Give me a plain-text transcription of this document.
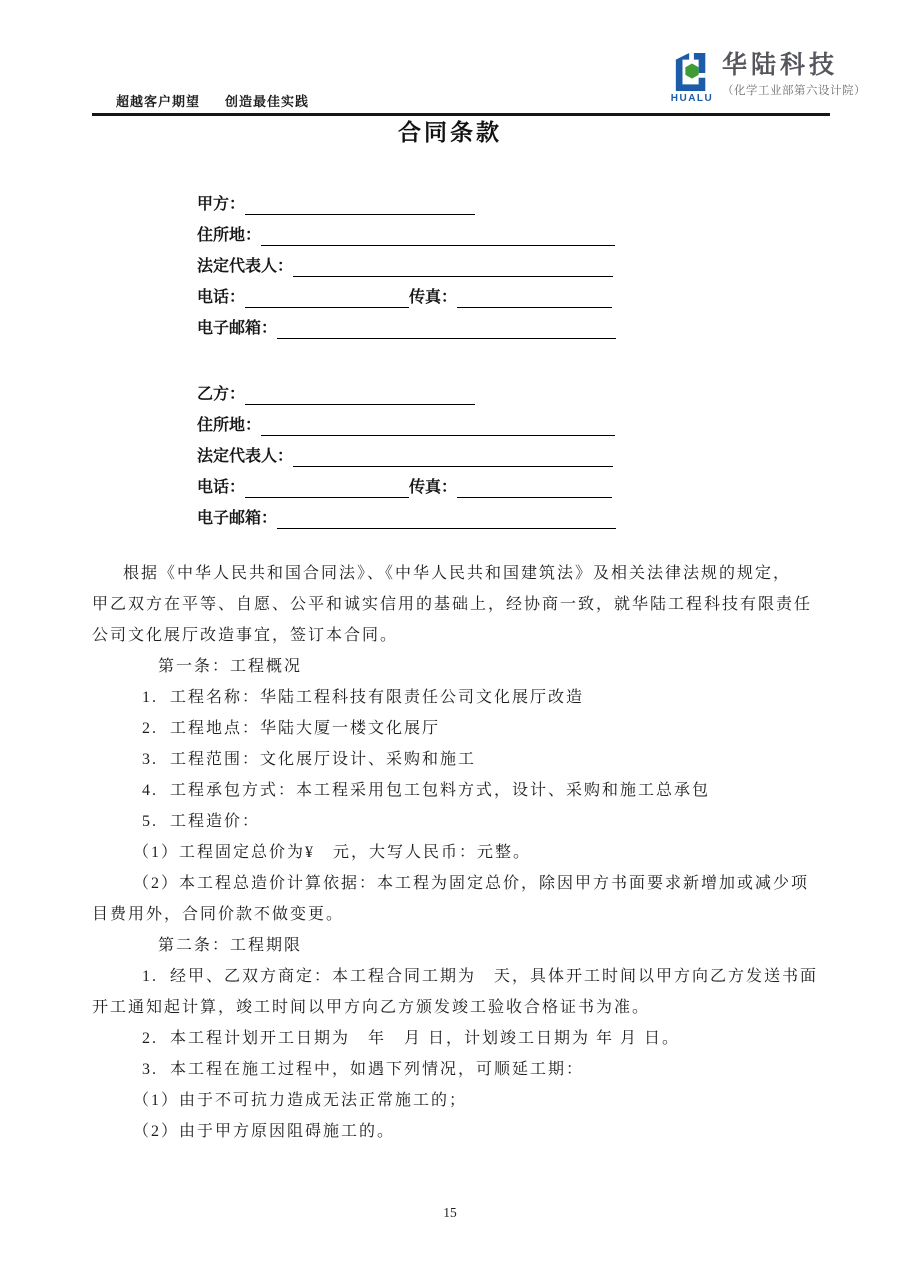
超越客户期望 创造最佳实践	HUALU
华陆科技
（化学工业部第六设计院）
合同条款
甲方：
住所地：
法定代表人：
电话：	传真：
电子邮箱：
乙方：
住所地：
法定代表人：
电话：	传真：
电子邮箱：
根据《中华人民共和国合同法》、《中华人民共和国建筑法》及相关法律法规的规定，
甲乙双方在平等、自愿、公平和诚实信用的基础上，经协商一致，就华陆工程科技有限责任
公司文化展厅改造事宜，签订本合同。
第一条：工程概况
1.  工程名称：华陆工程科技有限责任公司文化展厅改造
2.  工程地点：华陆大厦一楼文化展厅
3.  工程范围：文化展厅设计、采购和施工
4.  工程承包方式：本工程采用包工包料方式，设计、采购和施工总承包
5.  工程造价：
（1）工程固定总价为¥　元，大写人民币：元整。
（2）本工程总造价计算依据：本工程为固定总价，除因甲方书面要求新增加或减少项
目费用外，合同价款不做变更。
第二条：工程期限
1.  经甲、乙双方商定：本工程合同工期为　天，具体开工时间以甲方向乙方发送书面
开工通知起计算，竣工时间以甲方向乙方颁发竣工验收合格证书为准。
2.  本工程计划开工日期为　年　月 日，计划竣工日期为 年 月 日。
3.  本工程在施工过程中，如遇下列情况，可顺延工期：
（1）由于不可抗力造成无法正常施工的；
（2）由于甲方原因阻碍施工的。
15
